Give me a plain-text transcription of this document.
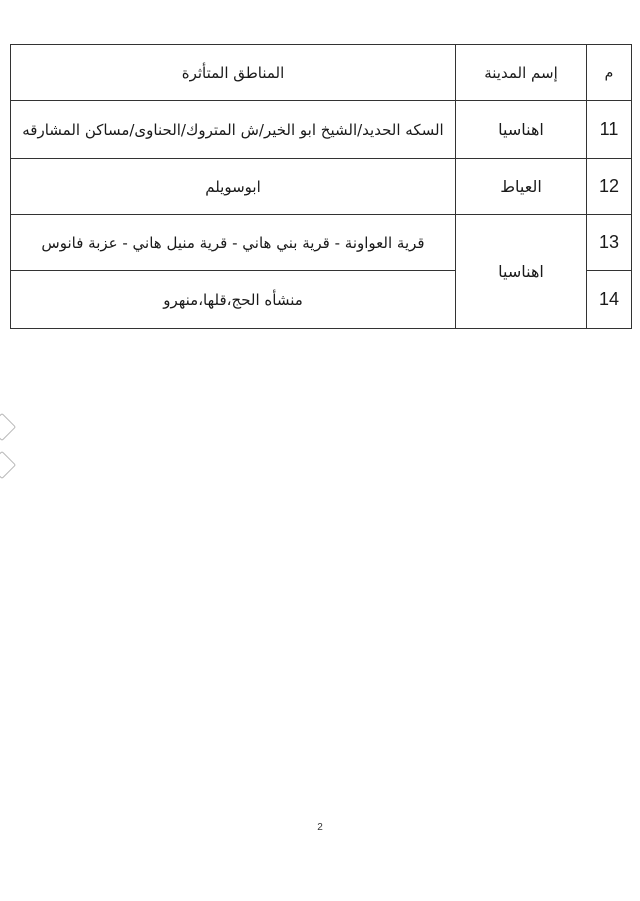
م	إسم المدينة	المناطق المتأثرة
11	اهناسيا	السكه الحديد/الشيخ ابو الخير/ش المتروك/الحناوى/مساكن المشارقه
12	العياط	ابوسويلم
13	اهناسيا	قرية العواونة - قرية بني هاني - قرية منيل هاني - عزبة فانوس
14		منشأه الحج،قلها،منهرو
2
